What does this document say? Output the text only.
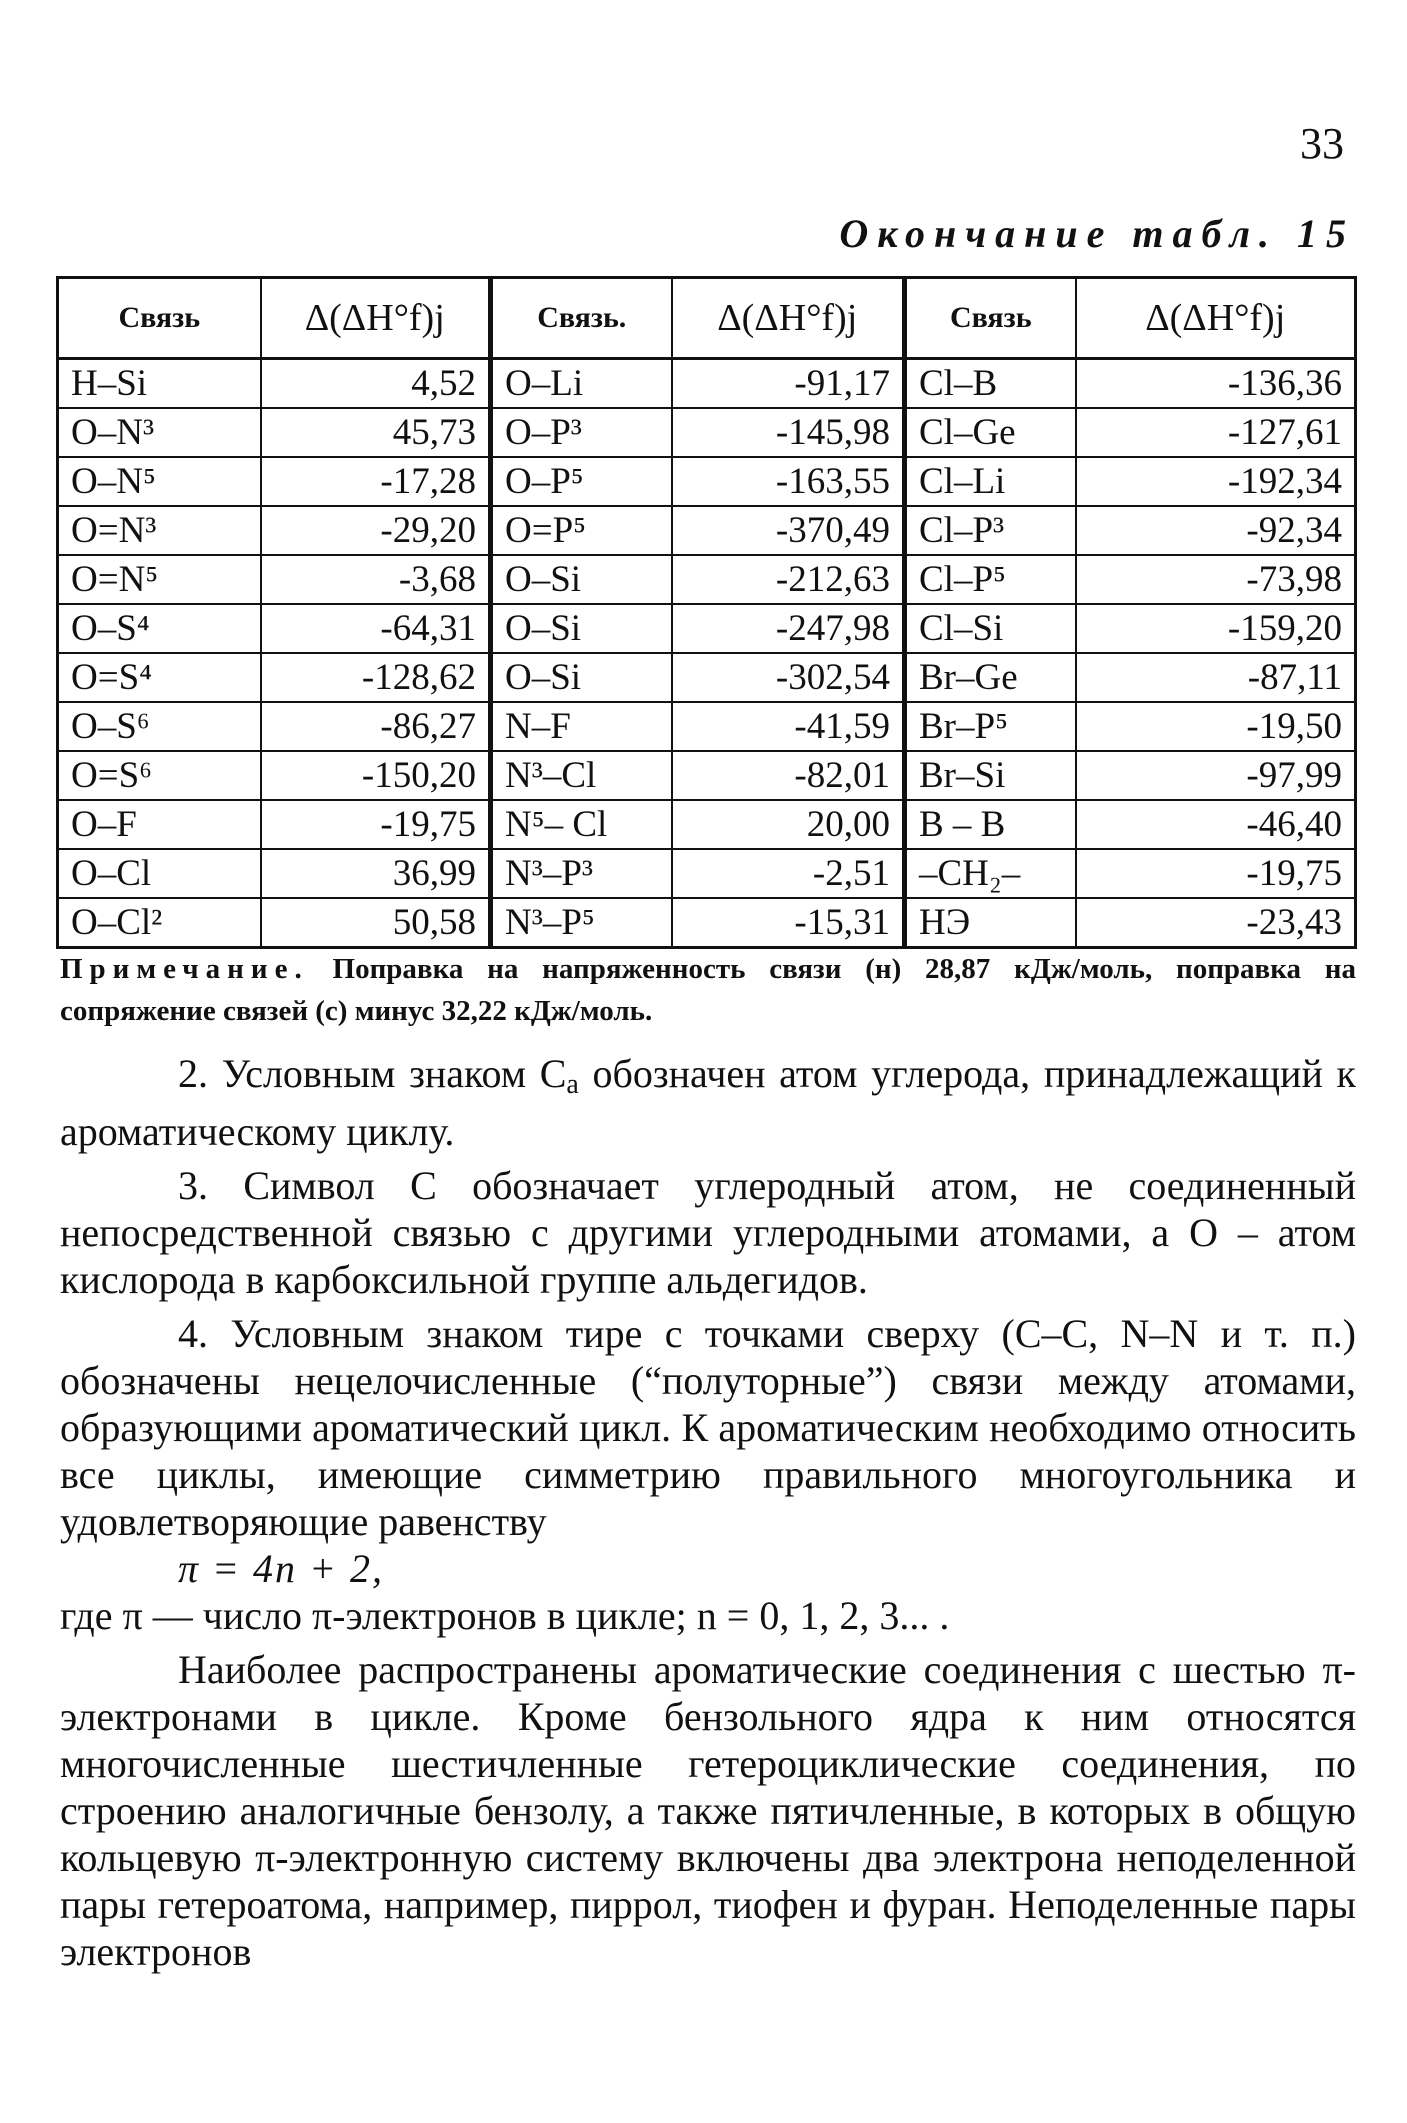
33
Окончание табл. 15
Связь	Δ(ΔH°f)j	Связь.	Δ(ΔH°f)j	Связь	Δ(ΔH°f)j
H–Si	4,52	O–Li	-91,17	Cl–B	-136,36
O–N³	45,73	O–P³	-145,98	Cl–Ge	-127,61
O–N⁵	-17,28	O–P⁵	-163,55	Cl–Li	-192,34
O=N³	-29,20	O=P⁵	-370,49	Cl–P³	-92,34
O=N⁵	-3,68	O–Si	-212,63	Cl–P⁵	-73,98
O–S⁴	-64,31	O–Si	-247,98	Cl–Si	-159,20
O=S⁴	-128,62	O–Si	-302,54	Br–Ge	-87,11
O–S⁶	-86,27	N–F	-41,59	Br–P⁵	-19,50
O=S⁶	-150,20	N³–Cl	-82,01	Br–Si	-97,99
O–F	-19,75	N⁵– Cl	20,00	B – B	-46,40
O–Cl	36,99	N³–P³	-2,51	–CH₂–	-19,75
O–Cl²	50,58	N³–P⁵	-15,31	НЭ	-23,43
Примечание. Поправка на напряженность связи (н) 28,87 кДж/моль, поправка на сопряжение связей (с) минус 32,22 кДж/моль.

2. Условным знаком $С_а$ обозначен атом углерода, принадлежащий к ароматическому циклу.

3. Символ С обозначает углеродный атом, не соединенный непосредственной связью с другими углеродными атомами, а О – атом кислорода в карбоксильной группе альдегидов.

4. Условным знаком тире с точками сверху (С–С, N–N и т. п.) обозначены нецелочисленные (“полуторные”) связи между атомами, образующими ароматический цикл. К ароматическим необходимо относить все циклы, имеющие симметрию правильного многоугольника и удовлетворяющие равенству

π = 4n + 2,

где π — число π-электронов в цикле; n = 0, 1, 2, 3... .

Наиболее распространены ароматические соединения с шестью π-электронами в цикле. Кроме бензольного ядра к ним относятся многочисленные шестичленные гетероциклические соединения, по строению аналогичные бензолу, а также пятичленные, в которых в общую кольцевую π-электронную систему включены два электрона неподеленной пары гетероатома, например, пиррол, тиофен и фуран. Неподеленные пары электронов
